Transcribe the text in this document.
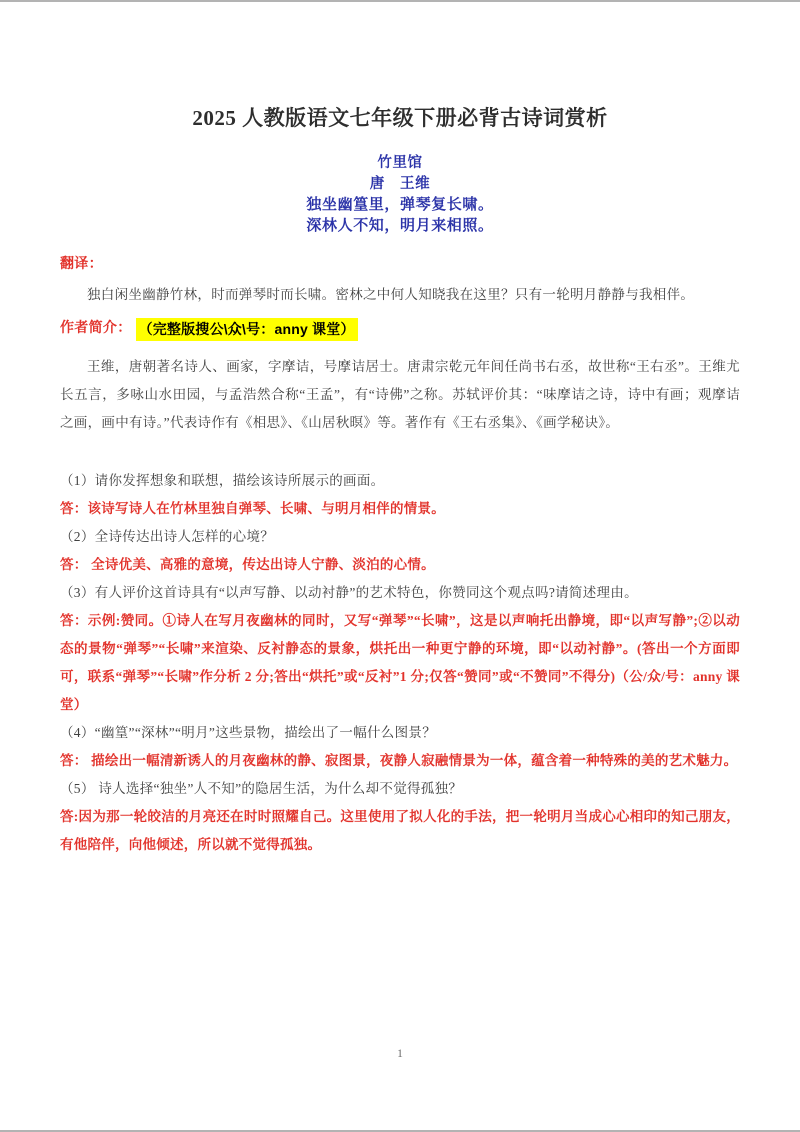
2025 人教版语文七年级下册必背古诗词赏析
竹里馆
唐　王维
独坐幽篁里，弹琴复长啸。
深林人不知，明月来相照。
翻译：
独白闲坐幽静竹林，时而弹琴时而长啸。密林之中何人知晓我在这里？只有一轮明月静静与我相伴。
作者简介： （完整版搜公\众\号：anny 课堂）
王维，唐朝著名诗人、画家，字摩诘，号摩诘居士。唐肃宗乾元年间任尚书右丞，故世称“王右丞”。王维尤长五言，多咏山水田园，与孟浩然合称“王孟”，有“诗佛”之称。苏轼评价其：“味摩诘之诗，诗中有画；观摩诘之画，画中有诗。”代表诗作有《相思》、《山居秋暝》等。著作有《王右丞集》、《画学秘诀》。
（1）请你发挥想象和联想，描绘该诗所展示的画面。
答：该诗写诗人在竹林里独自弹琴、长啸、与明月相伴的情景。
（2）全诗传达出诗人怎样的心境？
答： 全诗优美、高雅的意境，传达出诗人宁静、淡泊的心情。
（3）有人评价这首诗具有“以声写静、以动衬静”的艺术特色，你赞同这个观点吗?请简述理由。
答：示例:赞同。①诗人在写月夜幽林的同时，又写“弹琴”“长啸”，这是以声响托出静境，即“以声写静”;②以动态的景物“弹琴”“长啸”来渲染、反衬静态的景象，烘托出一种更宁静的环境，即“以动衬静”。(答出一个方面即可，联系“弹琴”“长啸”作分析 2 分;答出“烘托”或“反衬”1 分;仅答“赞同”或“不赞同”不得分)（公/众/号：anny 课堂）
（4）“幽篁”“深林”“明月”这些景物，描绘出了一幅什么图景？
答： 描绘出一幅清新诱人的月夜幽林的静、寂图景，夜静人寂融情景为一体，蕴含着一种特殊的美的艺术魅力。
（5） 诗人选择“独坐”人不知”的隐居生活，为什么却不觉得孤独？
答:因为那一轮皎洁的月亮还在时时照耀自己。这里使用了拟人化的手法，把一轮明月当成心心相印的知己朋友，有他陪伴，向他倾述，所以就不觉得孤独。
1
